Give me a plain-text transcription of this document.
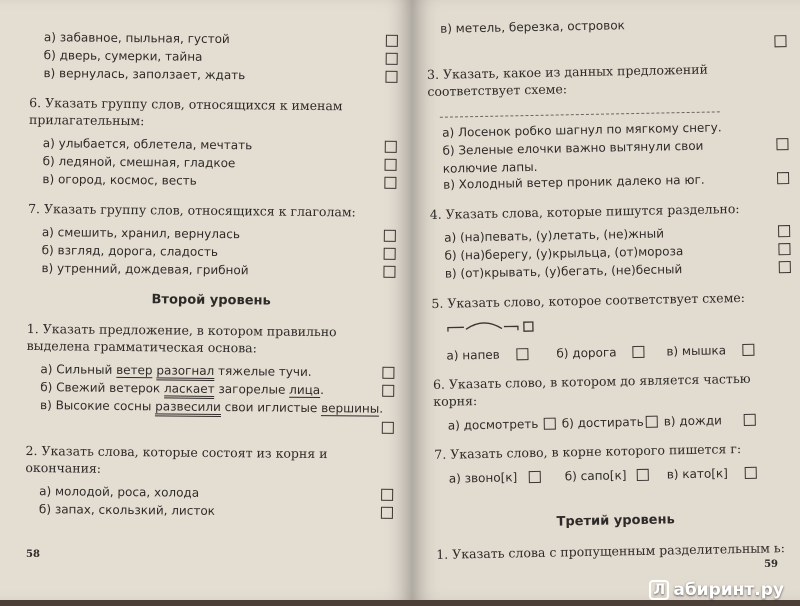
а) забавное, пыльная, густой
б) дверь, сумерки, тайна
в) вернулась, заползает, ждать
6. Указать группу слов, относящихся к именам прилагательным:
а) улыбается, облетела, мечтать
б) ледяной, смешная, гладкое
в) огород, космос, весть
7. Указать группу слов, относящихся к глаголам:
а) смешить, хранил, вернулась
б) взгляд, дорога, сладость
в) утренний, дождевая, грибной
Второй уровень
1. Указать предложение, в котором правильно выделена грамматическая основа:
а) Сильный ветер разогнал тяжелые тучи.
б) Свежий ветерок ласкает загорелые лица.
в) Высокие сосны развесили свои иглистые вершины.
2. Указать слова, которые состоят из корня и окончания:
а) молодой, роса, холода
б) запах, скользкий, листок
58
в) метель, березка, островок
3. Указать, какое из данных предложений соответствует схеме:
а) Лосенок робко шагнул по мягкому снегу.
б) Зеленые елочки важно вытянули свои колючие лапы.
в) Холодный ветер проник далеко на юг.
4. Указать слова, которые пишутся раздельно:
а) (на)певать, (у)летать, (не)жный
б) (на)берегу, (у)крыльца, (от)мороза
в) (от)крывать, (у)бегать, (не)бесный
5. Указать слово, которое соответствует схеме:
а) напев	б) дорога	в) мышка
6. Указать слово, в котором до является частью корня:
а) досмотреть б) достирать в) дожди
7. Указать слово, в корне которого пишется г:
а) звоно[к]	б) сапо[к]	в) като[к]
Третий уровень
1. Указать слова с пропущенным разделительным ь:
59
Л абиринт.ру
